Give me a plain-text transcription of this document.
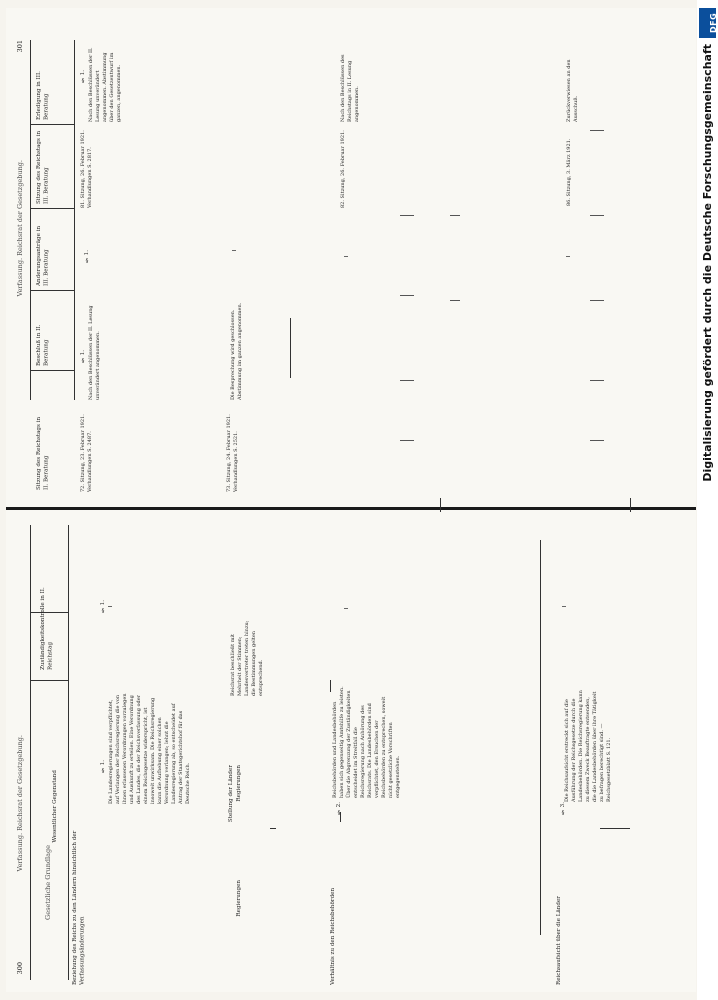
DFG
Digitalisierung gefördert durch die Deutsche Forschungsgemeinschaft
300
Verfassung. Reichsrat der Gesetzgebung.
Gesetzliche Grundlage
Wesentlicher Gegenstand
Zuständigkeitskontrolle in II. Reichstag
Beziehung des Reichs zu den Ländern hinsichtlich der Verfassungsänderungen
§ 1. Die Landesregierungen sind verpflichtet, auf Verlangen der Reichsregierung die von ihnen erlassenen Verordnungen vorzulegen und Auskunft zu erteilen. Eine Verordnung des Landes, die der Reichsverfassung oder einem Reichsgesetze widerspricht, ist insoweit unwirksam. Die Reichsregierung kann die Aufhebung einer solchen Verordnung verlangen; lehnt die Landesregierung ab, so entscheidet auf Antrag der Staatsgerichtshof für das Deutsche Reich.
§ 1.
Reichsrat beschließt mit Mehrheit der Stimmen; Landesvertreter treten hinzu; die Bestimmungen gelten entsprechend.
Stellung der Länder Regierungen
Regierungen	Verhältnis zu den Reichsbehörden
§ 2.
Reichsbehörden und Landesbehörden haben sich gegenseitig Amtshilfe zu leisten. Über die Abgrenzung der Zuständigkeiten entscheidet im Streitfall die Reichsregierung nach Anhörung des Reichsrats. Die Landesbehörden sind verpflichtet, den Ersuchen der Reichsbehörden zu entsprechen, soweit nicht gesetzliche Vorschriften entgegenstehen.
Reichsaufsicht über die Länder
§ 3.
Die Reichsaufsicht erstreckt sich auf die Ausführung der Reichsgesetze durch die Landesbehörden. Die Reichsregierung kann zu diesem Zweck Beauftragte entsenden, die die Landesbehörden über ihre Tätigkeit zu befragen berechtigt sind. — Reichsgesetzblatt S. 121.
301
Verfassung. Reichsrat der Gesetzgebung.
Sitzung des Reichstags in II. Beratung
Beschluß in II. Beratung
Änderungsanträge in III. Beratung
Sitzung des Reichstags in III. Beratung
Erledigung in III. Beratung
72. Sitzung, 23. Februar 1921. Verhandlungen S. 2487.
§ 1. Nach den Beschlüssen der II. Lesung unverändert angenommen.
§ 1.
81. Sitzung, 26. Februar 1921. Verhandlungen S. 2817.
§ 1. Nach den Beschlüssen der II. Lesung unverändert angenommen. Abstimmung über den Gesetzentwurf im ganzen, angenommen.
73. Sitzung, 24. Februar 1921. Verhandlungen S. 2521.
Die Besprechung wird geschlossen. Abstimmung im ganzen angenommen.
82. Sitzung, 26. Februar 1921.
Nach den Beschlüssen des Reichstags in II. Lesung angenommen.
86. Sitzung, 3. März 1921.
Zurückverwiesen an den Ausschuß.
